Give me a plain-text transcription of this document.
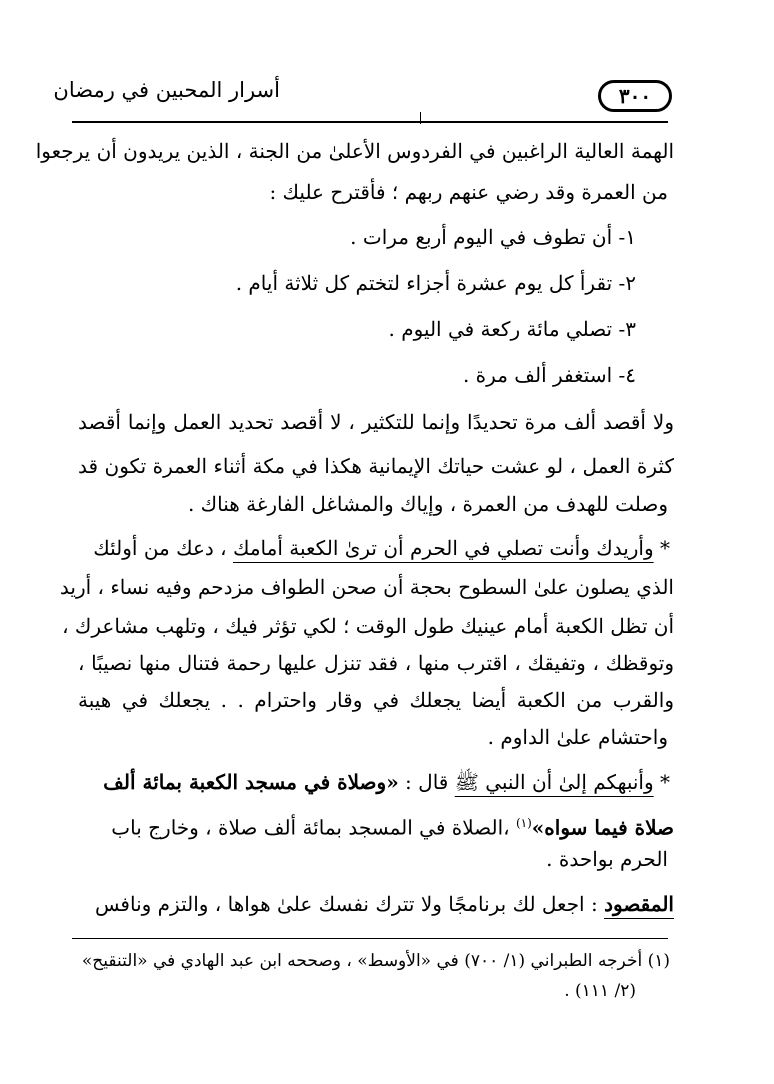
أسرار المحبين في رمضان	٣٠٠
الهمة العالية الراغبين في الفردوس الأعلىٰ من الجنة ، الذين يريدون أن يرجعوا
من العمرة وقد رضي عنهم ربهم ؛ فأقترح عليك :
١- أن تطوف في اليوم أربع مرات .
٢- تقرأ كل يوم عشرة أجزاء لتختم كل ثلاثة أيام .
٣- تصلي مائة ركعة في اليوم .
٤- استغفر ألف مرة .
ولا أقصد ألف مرة تحديدًا وإنما للتكثير ، لا أقصد تحديد العمل وإنما أقصد
كثرة العمل ، لو عشت حياتك الإيمانية هكذا في مكة أثناء العمرة تكون قد
وصلت للهدف من العمرة ، وإياك والمشاغل الفارغة هناك .
* وأريدك وأنت تصلي في الحرم أن ترىٰ الكعبة أمامك ، دعك من أولئك
الذي يصلون علىٰ السطوح بحجة أن صحن الطواف مزدحم وفيه نساء ، أريد
أن تظل الكعبة أمام عينيك طول الوقت ؛ لكي تؤثر فيك ، وتلهب مشاعرك ،
وتوقظك ، وتفيقك ، اقترب منها ، فقد تنزل عليها رحمة فتنال منها نصيبًا ،
والقرب من الكعبة أيضا يجعلك في وقار واحترام . . يجعلك في هيبة
واحتشام علىٰ الداوم .
* وأنبهكم إلىٰ أن النبي ﷺ قال : «وصلاة في مسجد الكعبة بمائة ألف
صلاة فيما سواه»$^{(١)}$ ،الصلاة في المسجد بمائة ألف صلاة ، وخارج باب
الحرم بواحدة .
المقصود : اجعل لك برنامجًا ولا تترك نفسك علىٰ هواها ، والتزم ونافس
(١) أخرجه الطبراني (١/ ٧٠٠) في «الأوسط» ، وصححه ابن عبد الهادي في «التنقيح»
(٢/ ١١١) .
